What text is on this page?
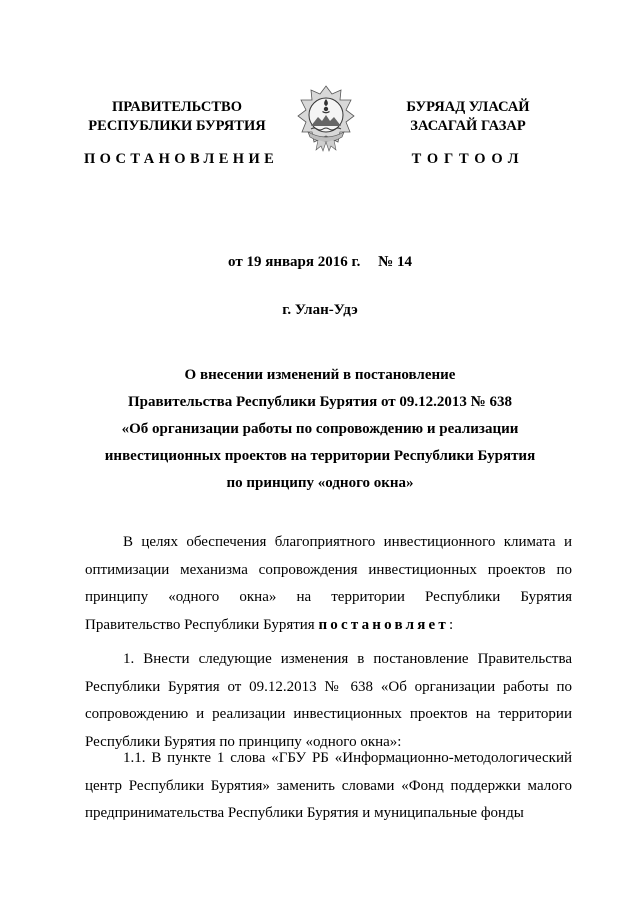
ПРАВИТЕЛЬСТВО
РЕСПУБЛИКИ БУРЯТИЯ
ПОСТАНОВЛЕНИЕ
БУРЯАД УЛАСАЙ
ЗАСАГАЙ ГАЗАР
ТОГТООЛ
от 19 января 2016 г. № 14
г. Улан-Удэ
О внесении изменений в постановление
Правительства Республики Бурятия от 09.12.2013 № 638
«Об организации работы по сопровождению и реализации
инвестиционных проектов на территории Республики Бурятия
по принципу «одного окна»

В целях обеспечения благоприятного инвестиционного климата и оптимизации механизма сопровождения инвестиционных проектов по принципу «одного окна» на территории Республики Бурятия Правительство Республики Бурятия постановляет:

1. Внести следующие изменения в постановление Правительства Республики Бурятия от 09.12.2013 № 638 «Об организации работы по сопровождению и реализации инвестиционных проектов на территории Республики Бурятия по принципу «одного окна»:

1.1. В пункте 1 слова «ГБУ РБ «Информационно-методологический центр Республики Бурятия» заменить словами «Фонд поддержки малого предпринимательства Республики Бурятия и муниципальные фонды
